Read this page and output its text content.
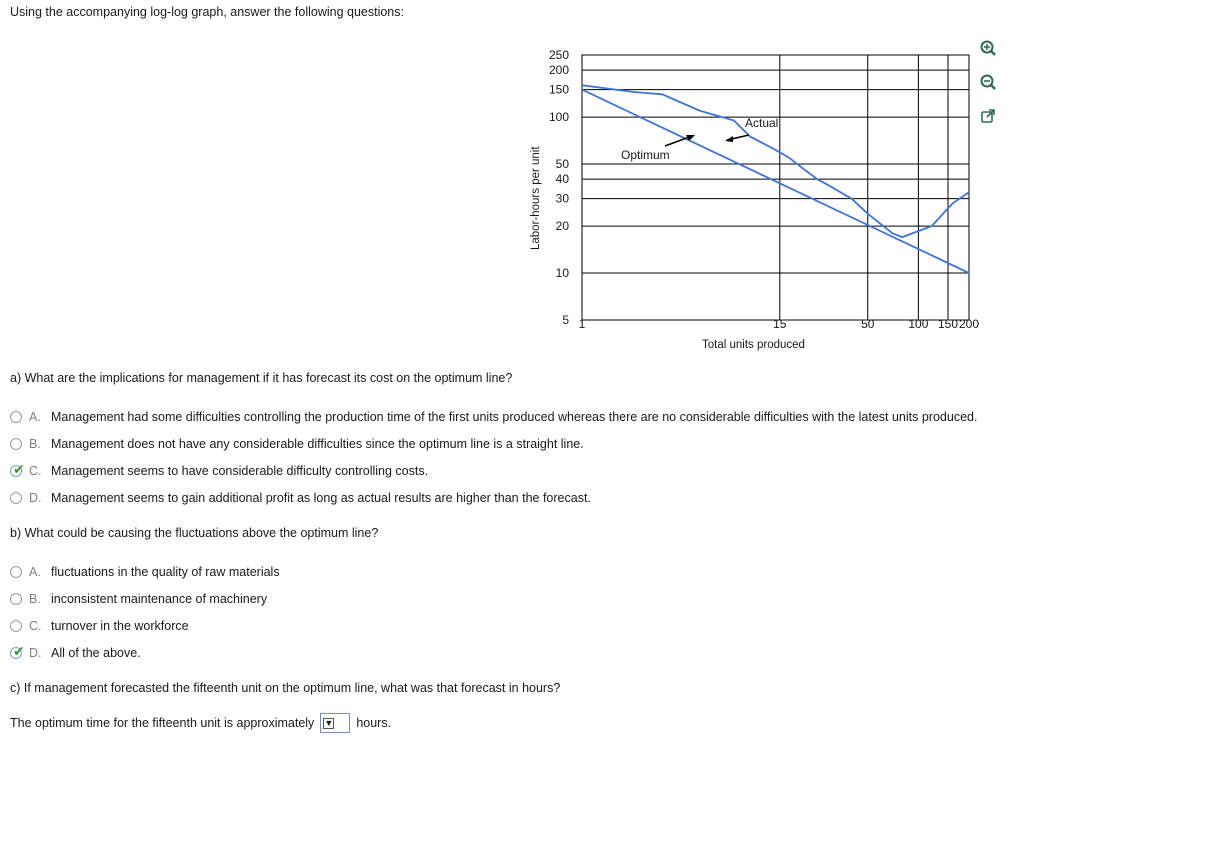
Using the accompanying log-log graph, answer the following questions:
250
200
150
100
50
40
30
20
10
5 1	15	50	100 150 200
Labor-hours per unit
Total units produced
Optimum
Actual
a) What are the implications for management if it has forecast its cost on the optimum line?
A. Management had some difficulties controlling the production time of the first units produced whereas there are no considerable difficulties with the latest units produced.
B. Management does not have any considerable difficulties since the optimum line is a straight line.
✔ C. Management seems to have considerable difficulty controlling costs.
D. Management seems to gain additional profit as long as actual results are higher than the forecast.
b) What could be causing the fluctuations above the optimum line?
A. fluctuations in the quality of raw materials
B. inconsistent maintenance of machinery
C. turnover in the workforce
✔ D. All of the above.
c) If management forecasted the fifteenth unit on the optimum line, what was that forecast in hours?
The optimum time for the fifteenth unit is approximately ▼ hours.
